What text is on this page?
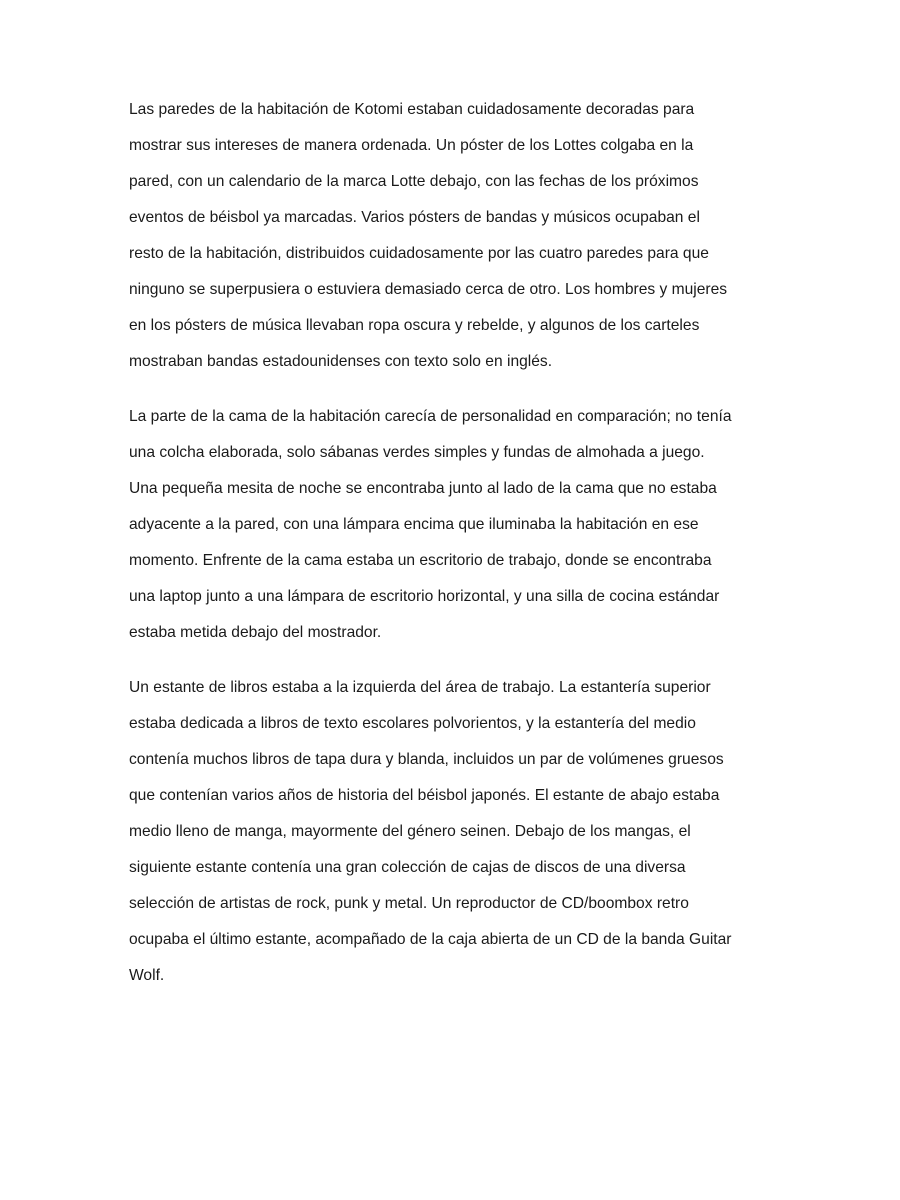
Las paredes de la habitación de Kotomi estaban cuidadosamente decoradas para
mostrar sus intereses de manera ordenada. Un póster de los Lottes colgaba en la
pared, con un calendario de la marca Lotte debajo, con las fechas de los próximos
eventos de béisbol ya marcadas. Varios pósters de bandas y músicos ocupaban el
resto de la habitación, distribuidos cuidadosamente por las cuatro paredes para que
ninguno se superpusiera o estuviera demasiado cerca de otro. Los hombres y mujeres
en los pósters de música llevaban ropa oscura y rebelde, y algunos de los carteles
mostraban bandas estadounidenses con texto solo en inglés.

La parte de la cama de la habitación carecía de personalidad en comparación; no tenía
una colcha elaborada, solo sábanas verdes simples y fundas de almohada a juego.
Una pequeña mesita de noche se encontraba junto al lado de la cama que no estaba
adyacente a la pared, con una lámpara encima que iluminaba la habitación en ese
momento. Enfrente de la cama estaba un escritorio de trabajo, donde se encontraba
una laptop junto a una lámpara de escritorio horizontal, y una silla de cocina estándar
estaba metida debajo del mostrador.

Un estante de libros estaba a la izquierda del área de trabajo. La estantería superior
estaba dedicada a libros de texto escolares polvorientos, y la estantería del medio
contenía muchos libros de tapa dura y blanda, incluidos un par de volúmenes gruesos
que contenían varios años de historia del béisbol japonés. El estante de abajo estaba
medio lleno de manga, mayormente del género seinen. Debajo de los mangas, el
siguiente estante contenía una gran colección de cajas de discos de una diversa
selección de artistas de rock, punk y metal. Un reproductor de CD/boombox retro
ocupaba el último estante, acompañado de la caja abierta de un CD de la banda Guitar
Wolf.
